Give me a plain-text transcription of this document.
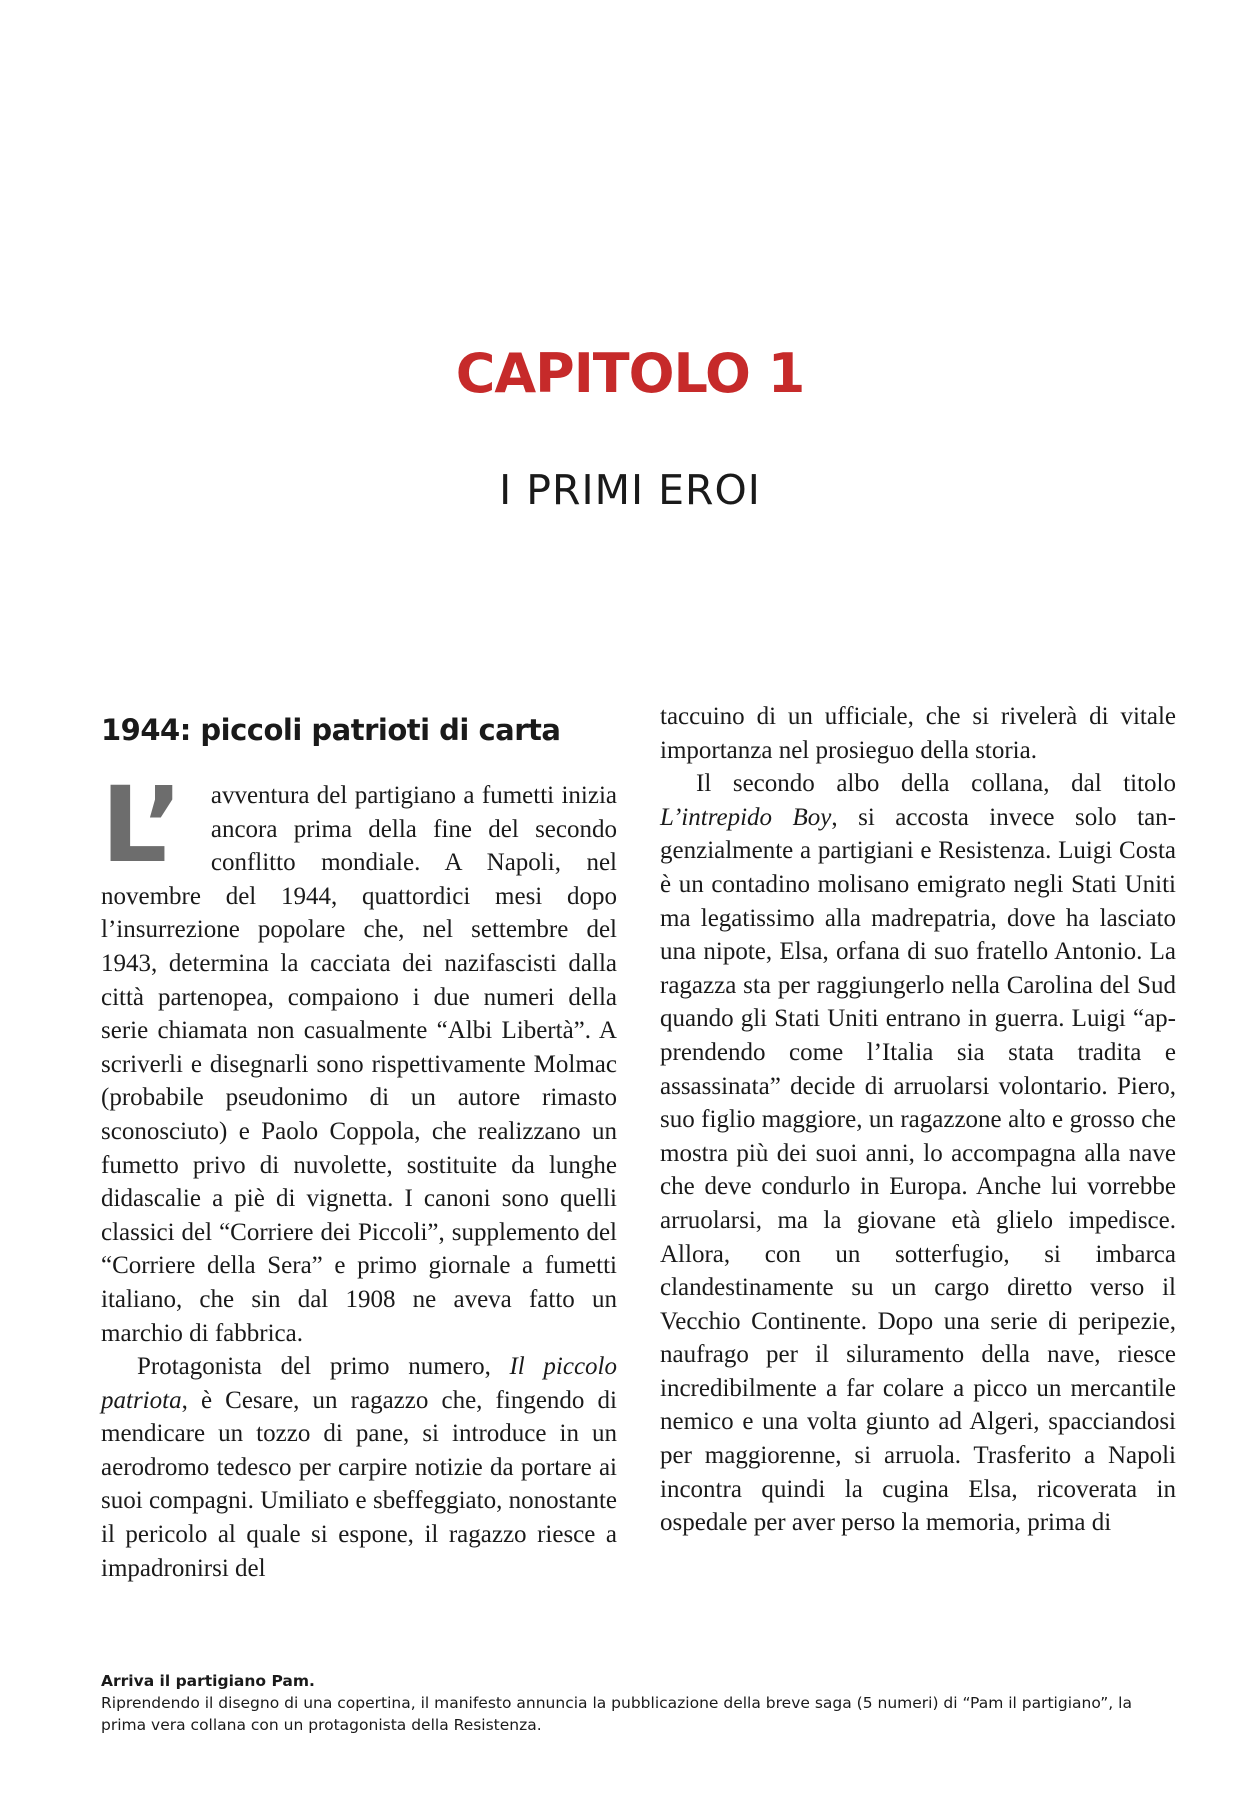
CAPITOLO 1
I PRIMI EROI
1944: piccoli patrioti di carta

L’ avventura del partigiano a fumetti inizia ancora prima della fine del secondo conflitto mondiale. A Napoli, nel novembre del 1944, quattordici mesi dopo l’insurrezione popolare che, nel settembre del 1943, determina la cacciata dei nazifascisti dalla città partenopea, compaiono i due numeri della serie chiamata non casualmente “Albi Libertà”. A scriverli e disegnarli sono rispettivamente Molmac (probabile pseudonimo di un autore rimasto sconosciuto) e Paolo Coppola, che realizzano un fumetto privo di nuvolette, sostituite da lunghe didascalie a piè di vignetta. I canoni sono quelli classici del “Corriere dei Piccoli”, supplemento del “Corriere della Sera” e primo giornale a fumetti italiano, che sin dal 1908 ne aveva fatto un marchio di fabbrica.

Protagonista del primo numero, Il piccolo patriota, è Cesare, un ragazzo che, fingendo di mendicare un tozzo di pane, si introduce in un aerodromo tedesco per carpire notizie da portare ai suoi compagni. Umiliato e sbeffeggiato, nonostante il pericolo al quale si espone, il ragazzo riesce a impadronirsi del

taccuino di un ufficiale, che si rivelerà di vitale importanza nel prosieguo della storia.

Il secondo albo della collana, dal titolo L’intrepido Boy, si accosta invece solo tangenzialmente a partigiani e Resistenza. Luigi Costa è un contadino molisano emigrato negli Stati Uniti ma legatissimo alla madrepatria, dove ha lasciato una nipote, Elsa, orfana di suo fratello Antonio. La ragazza sta per raggiungerlo nella Carolina del Sud quando gli Stati Uniti entrano in guerra. Luigi “apprendendo come l’Italia sia stata tradita e assassinata” decide di arruolarsi volontario. Piero, suo figlio maggiore, un ragazzone alto e grosso che mostra più dei suoi anni, lo accompagna alla nave che deve condurlo in Europa. Anche lui vorrebbe arruolarsi, ma la giovane età glielo impedisce. Allora, con un sotterfugio, si imbarca clandestinamente su un cargo diretto verso il Vecchio Continente. Dopo una serie di peripezie, naufrago per il siluramento della nave, riesce incredibilmente a far colare a picco un mercantile nemico e una volta giunto ad Algeri, spacciandosi per maggiorenne, si arruola. Trasferito a Napoli incontra quindi la cugina Elsa, ricoverata in ospedale per aver perso la memoria, prima di

Arriva il partigiano Pam.
Riprendendo il disegno di una copertina, il manifesto annuncia la pubblicazione della breve saga (5 numeri) di “Pam il partigiano”, la prima vera collana con un protagonista della Resistenza.
